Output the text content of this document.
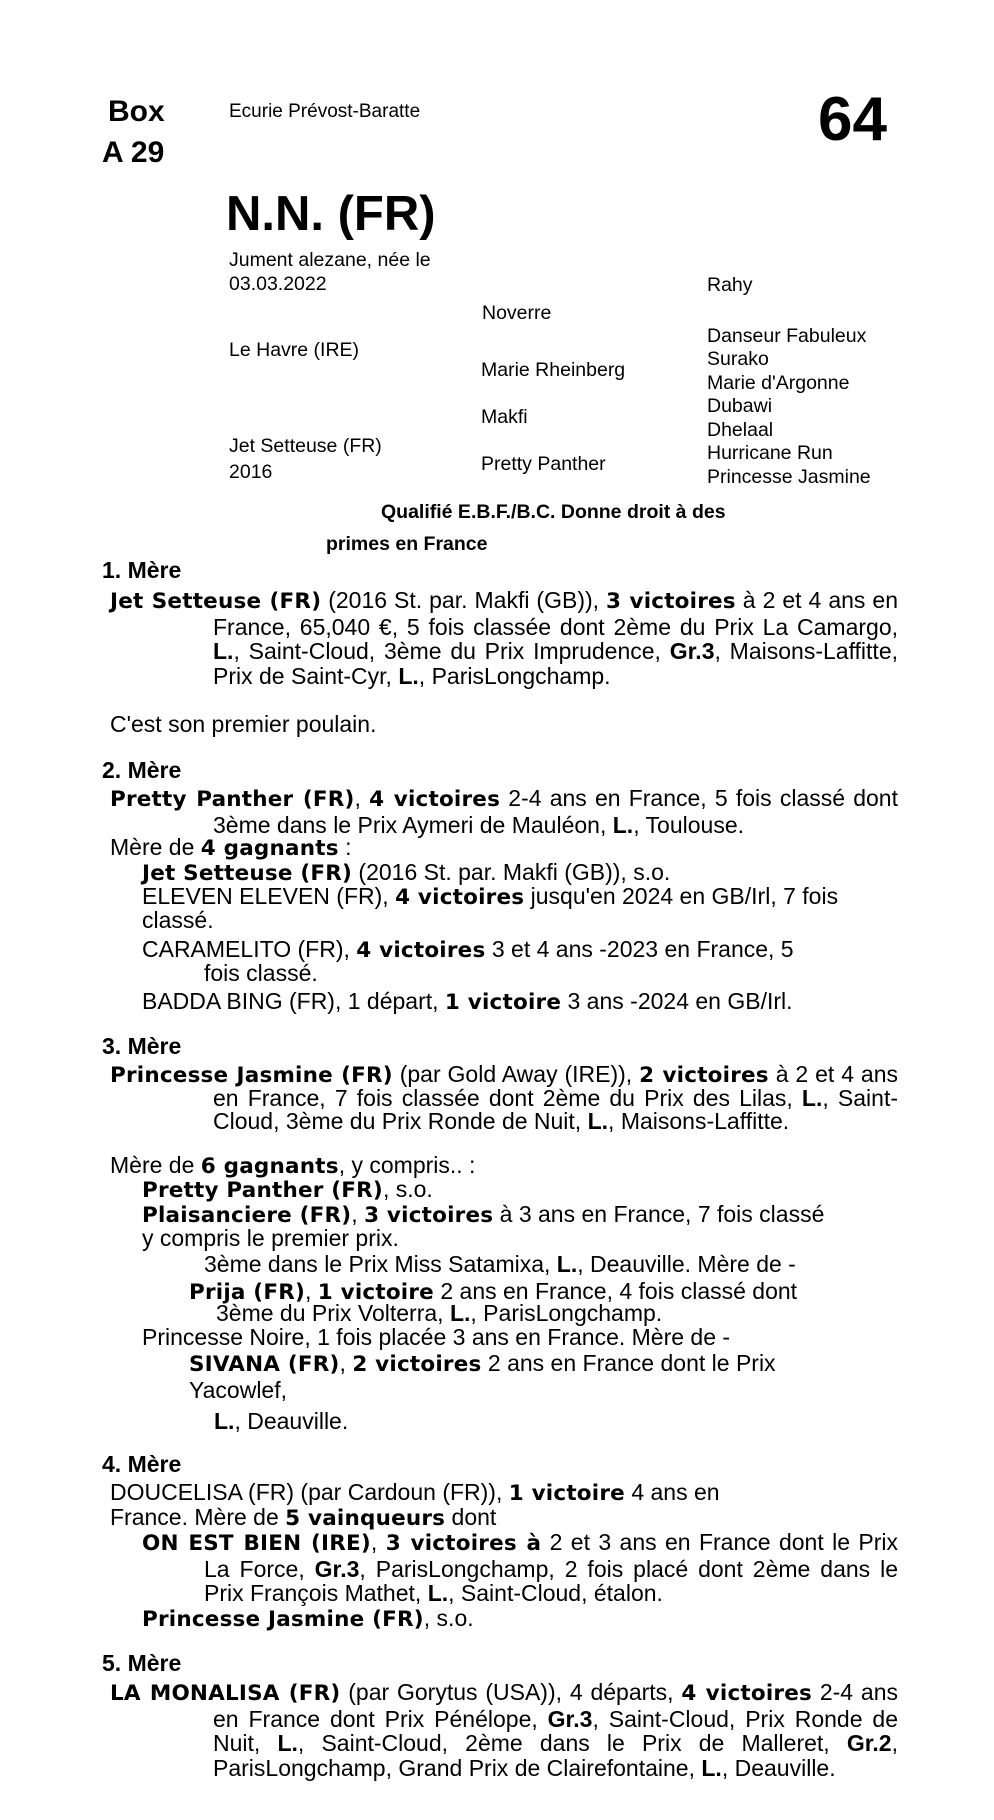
Box
A 29
Ecurie Prévost-Baratte	64
N.N. (FR)
Jument alezane, née le
03.03.2022
Le Havre (IRE)
Jet Setteuse (FR)
2016
Noverre
Marie Rheinberg
Makfi
Pretty Panther
Rahy
Danseur Fabuleux
Surako
Marie d'Argonne
Dubawi
Dhelaal
Hurricane Run
Princesse Jasmine
Qualifié E.B.F./B.C. Donne droit à des
primes en France
1. Mère
Jet Setteuse (FR) (2016 St. par. Makfi (GB)), 3 victoires à 2 et 4 ans en France, 65,040 €, 5 fois classée dont 2ème du Prix La Camargo, L., Saint-Cloud, 3ème du Prix Imprudence, Gr.3, Maisons-Laffitte, Prix de Saint-Cyr, L., ParisLongchamp.
C'est son premier poulain.
2. Mère
Pretty Panther (FR), 4 victoires 2-4 ans en France, 5 fois classé dont 3ème dans le Prix Aymeri de Mauléon, L., Toulouse.
Mère de 4 gagnants :
Jet Setteuse (FR) (2016 St. par. Makfi (GB)), s.o.
ELEVEN ELEVEN (FR), 4 victoires jusqu'en 2024 en GB/Irl, 7 fois
classé.
CARAMELITO (FR), 4 victoires 3 et 4 ans -2023 en France, 5
fois classé.
BADDA BING (FR), 1 départ, 1 victoire 3 ans -2024 en GB/Irl.
3. Mère
Princesse Jasmine (FR) (par Gold Away (IRE)), 2 victoires à 2 et 4 ans en France, 7 fois classée dont 2ème du Prix des Lilas, L., Saint-Cloud, 3ème du Prix Ronde de Nuit, L., Maisons-Laffitte.
Mère de 6 gagnants, y compris.. :
Pretty Panther (FR), s.o.
Plaisanciere (FR), 3 victoires à 3 ans en France, 7 fois classé
y compris le premier prix.
3ème dans le Prix Miss Satamixa, L., Deauville. Mère de -
Prija (FR), 1 victoire 2 ans en France, 4 fois classé dont
3ème du Prix Volterra, L., ParisLongchamp.
Princesse Noire, 1 fois placée 3 ans en France. Mère de -
SIVANA (FR), 2 victoires 2 ans en France dont le Prix
Yacowlef,
L., Deauville.
4. Mère
DOUCELISA (FR) (par Cardoun (FR)), 1 victoire 4 ans en
France. Mère de 5 vainqueurs dont
ON EST BIEN (IRE), 3 victoires à 2 et 3 ans en France dont le Prix La Force, Gr.3, ParisLongchamp, 2 fois placé dont 2ème dans le Prix François Mathet, L., Saint-Cloud, étalon.
Princesse Jasmine (FR), s.o.
5. Mère
LA MONALISA (FR) (par Gorytus (USA)), 4 départs, 4 victoires 2-4 ans en France dont Prix Pénélope, Gr.3, Saint-Cloud, Prix Ronde de Nuit, L., Saint-Cloud, 2ème dans le Prix de Malleret, Gr.2, ParisLongchamp, Grand Prix de Clairefontaine, L., Deauville.
